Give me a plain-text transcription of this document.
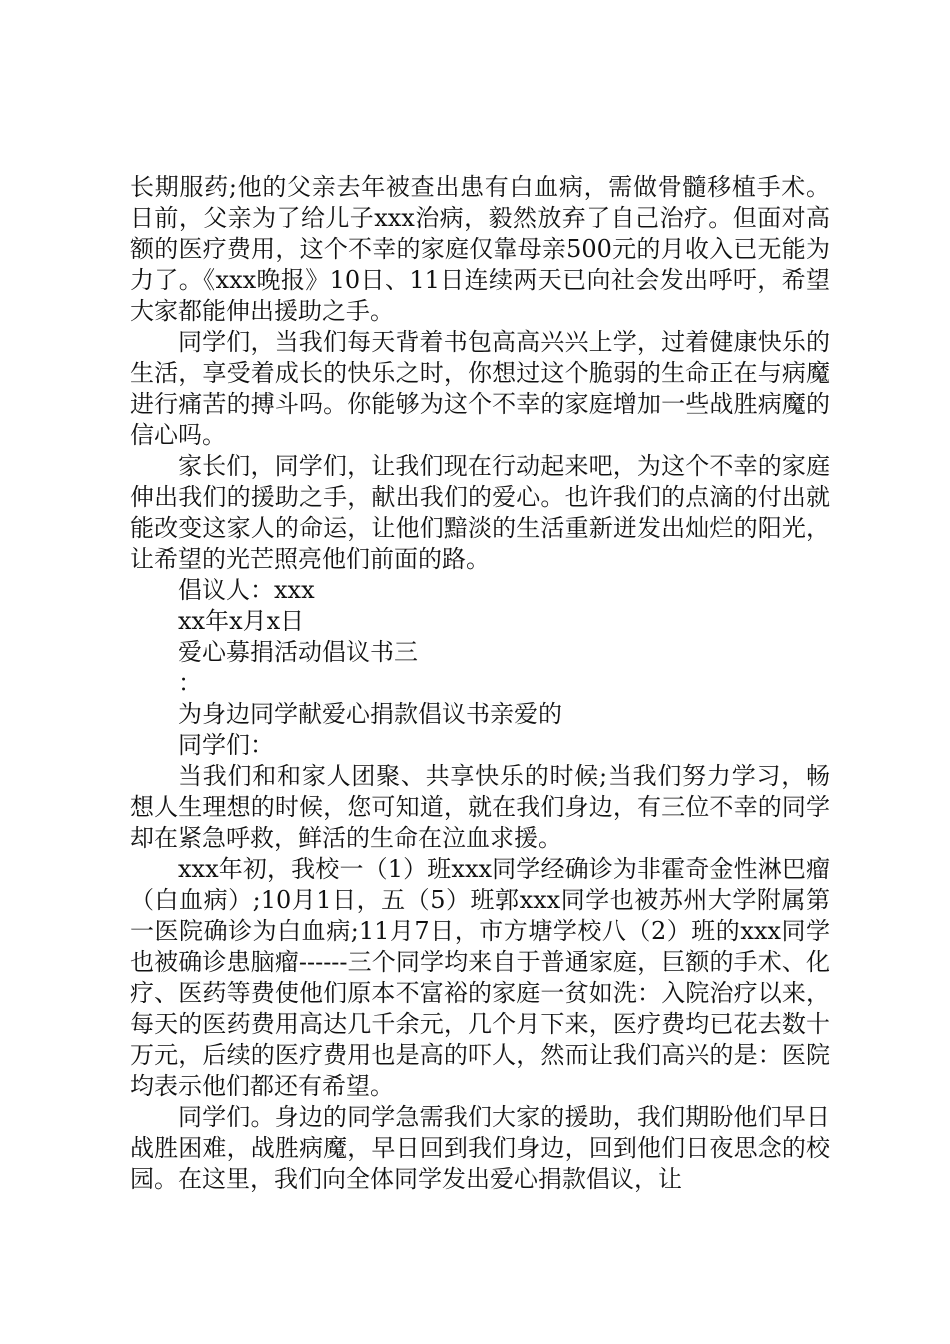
长期服药;他的父亲去年被查出患有白血病，需做骨髓移植手术。日前，父亲为了给儿子xxx治病，毅然放弃了自己治疗。但面对高额的医疗费用，这个不幸的家庭仅靠母亲500元的月收入已无能为力了。《xxx晚报》10日、11日连续两天已向社会发出呼吁，希望大家都能伸出援助之手。

同学们，当我们每天背着书包高高兴兴上学，过着健康快乐的生活，享受着成长的快乐之时，你想过这个脆弱的生命正在与病魔进行痛苦的搏斗吗。你能够为这个不幸的家庭增加一些战胜病魔的信心吗。

家长们，同学们，让我们现在行动起来吧，为这个不幸的家庭伸出我们的援助之手，献出我们的爱心。也许我们的点滴的付出就能改变这家人的命运，让他们黯淡的生活重新迸发出灿烂的阳光，让希望的光芒照亮他们前面的路。

倡议人：xxx

xx年x月x日

爱心募捐活动倡议书三

：

为身边同学献爱心捐款倡议书亲爱的

同学们：

当我们和和家人团聚、共享快乐的时候;当我们努力学习，畅想人生理想的时候，您可知道，就在我们身边，有三位不幸的同学却在紧急呼救，鲜活的生命在泣血求援。

xxx年初，我校一（1）班xxx同学经确诊为非霍奇金性淋巴瘤（白血病）;10月1日，五（5）班郭xxx同学也被苏州大学附属第一医院确诊为白血病;11月7日，市方塘学校八（2）班的xxx同学也被确诊患脑瘤------三个同学均来自于普通家庭，巨额的手术、化疗、医药等费使他们原本不富裕的家庭一贫如洗：入院治疗以来，每天的医药费用高达几千余元，几个月下来，医疗费均已花去数十万元，后续的医疗费用也是高的吓人，然而让我们高兴的是：医院均表示他们都还有希望。

同学们。身边的同学急需我们大家的援助，我们期盼他们早日战胜困难，战胜病魔，早日回到我们身边，回到他们日夜思念的校园。在这里，我们向全体同学发出爱心捐款倡议，让
